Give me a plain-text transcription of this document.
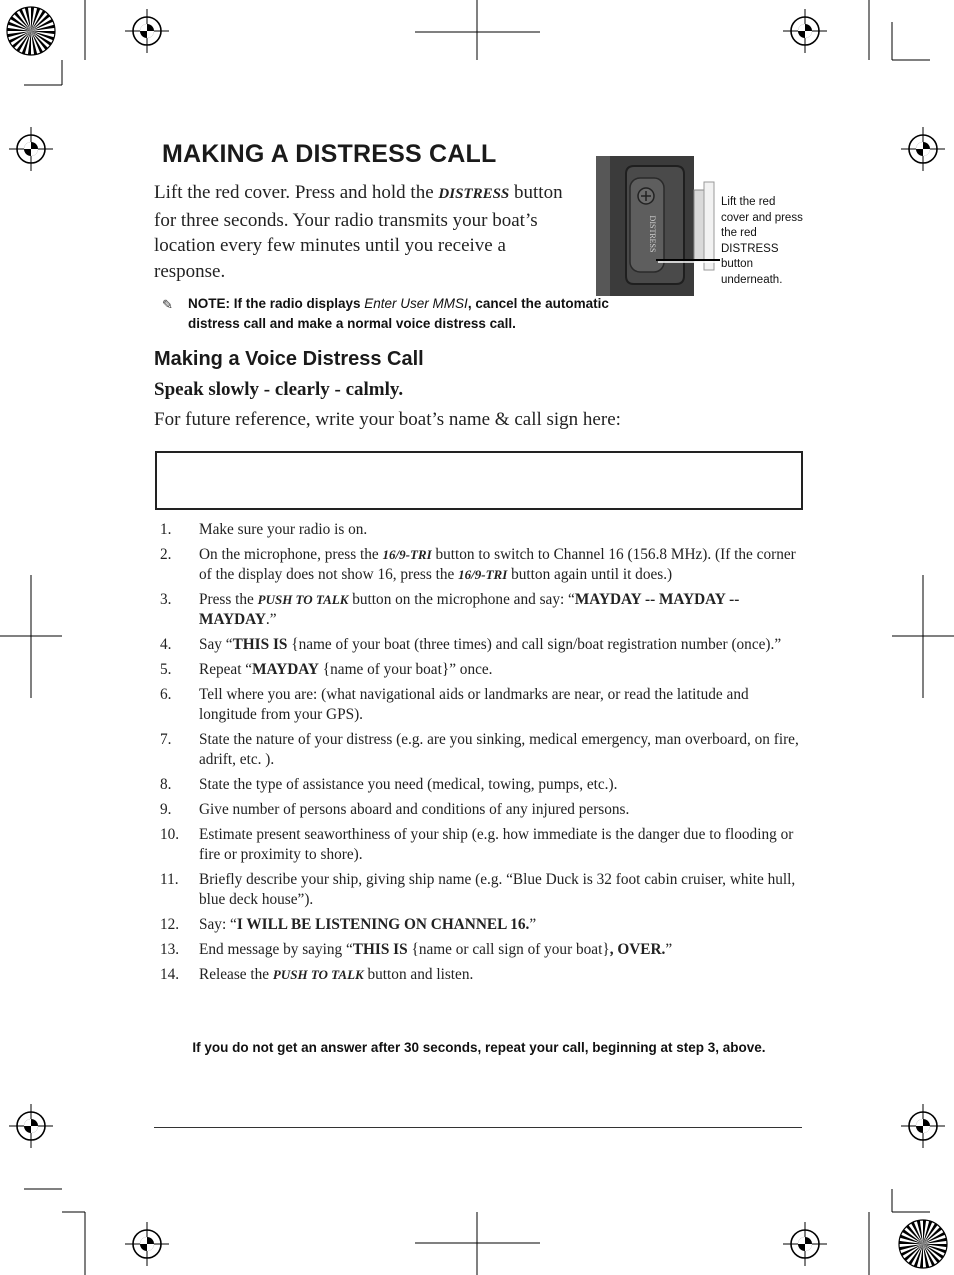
MAKING A DISTRESS CALL
Lift the red cover. Press and hold the DISTRESS button for three seconds. Your radio transmits your boat’s location every few minutes until you receive a response.
DISTRESS
Lift the red cover and press the red DISTRESS button underneath.
✎ NOTE: If the radio displays Enter User MMSI, cancel the automatic distress call and make a normal voice distress call.
Making a Voice Distress Call
Speak slowly - clearly - calmly.
For future reference, write your boat’s name & call sign here:
1. Make sure your radio is on.
2. On the microphone, press the 16/9-TRI button to switch to Channel 16 (156.8 MHz). (If the corner of the display does not show 16, press the 16/9-TRI button again until it does.)
3. Press the PUSH TO TALK button on the microphone and say: “MAYDAY -- MAYDAY -- MAYDAY.”
4. Say “THIS IS {name of your boat (three times) and call sign/boat registration number (once).”
5. Repeat “MAYDAY {name of your boat}” once.
6. Tell where you are: (what navigational aids or landmarks are near, or read the latitude and longitude from your GPS).
7. State the nature of your distress (e.g. are you sinking, medical emergency, man overboard, on fire, adrift, etc. ).
8. State the type of assistance you need (medical, towing, pumps, etc.).
9. Give number of persons aboard and conditions of any injured persons.
10. Estimate present seaworthiness of your ship (e.g. how immediate is the danger due to flooding or fire or proximity to shore).
11. Briefly describe your ship, giving ship name (e.g. “Blue Duck is 32 foot cabin cruiser, white hull, blue deck house”).
12. Say: “I WILL BE LISTENING ON CHANNEL 16.”
13. End message by saying “THIS IS {name or call sign of your boat}, OVER.”
14. Release the PUSH TO TALK button and listen.
If you do not get an answer after 30 seconds, repeat your call, beginning at step 3, above.
